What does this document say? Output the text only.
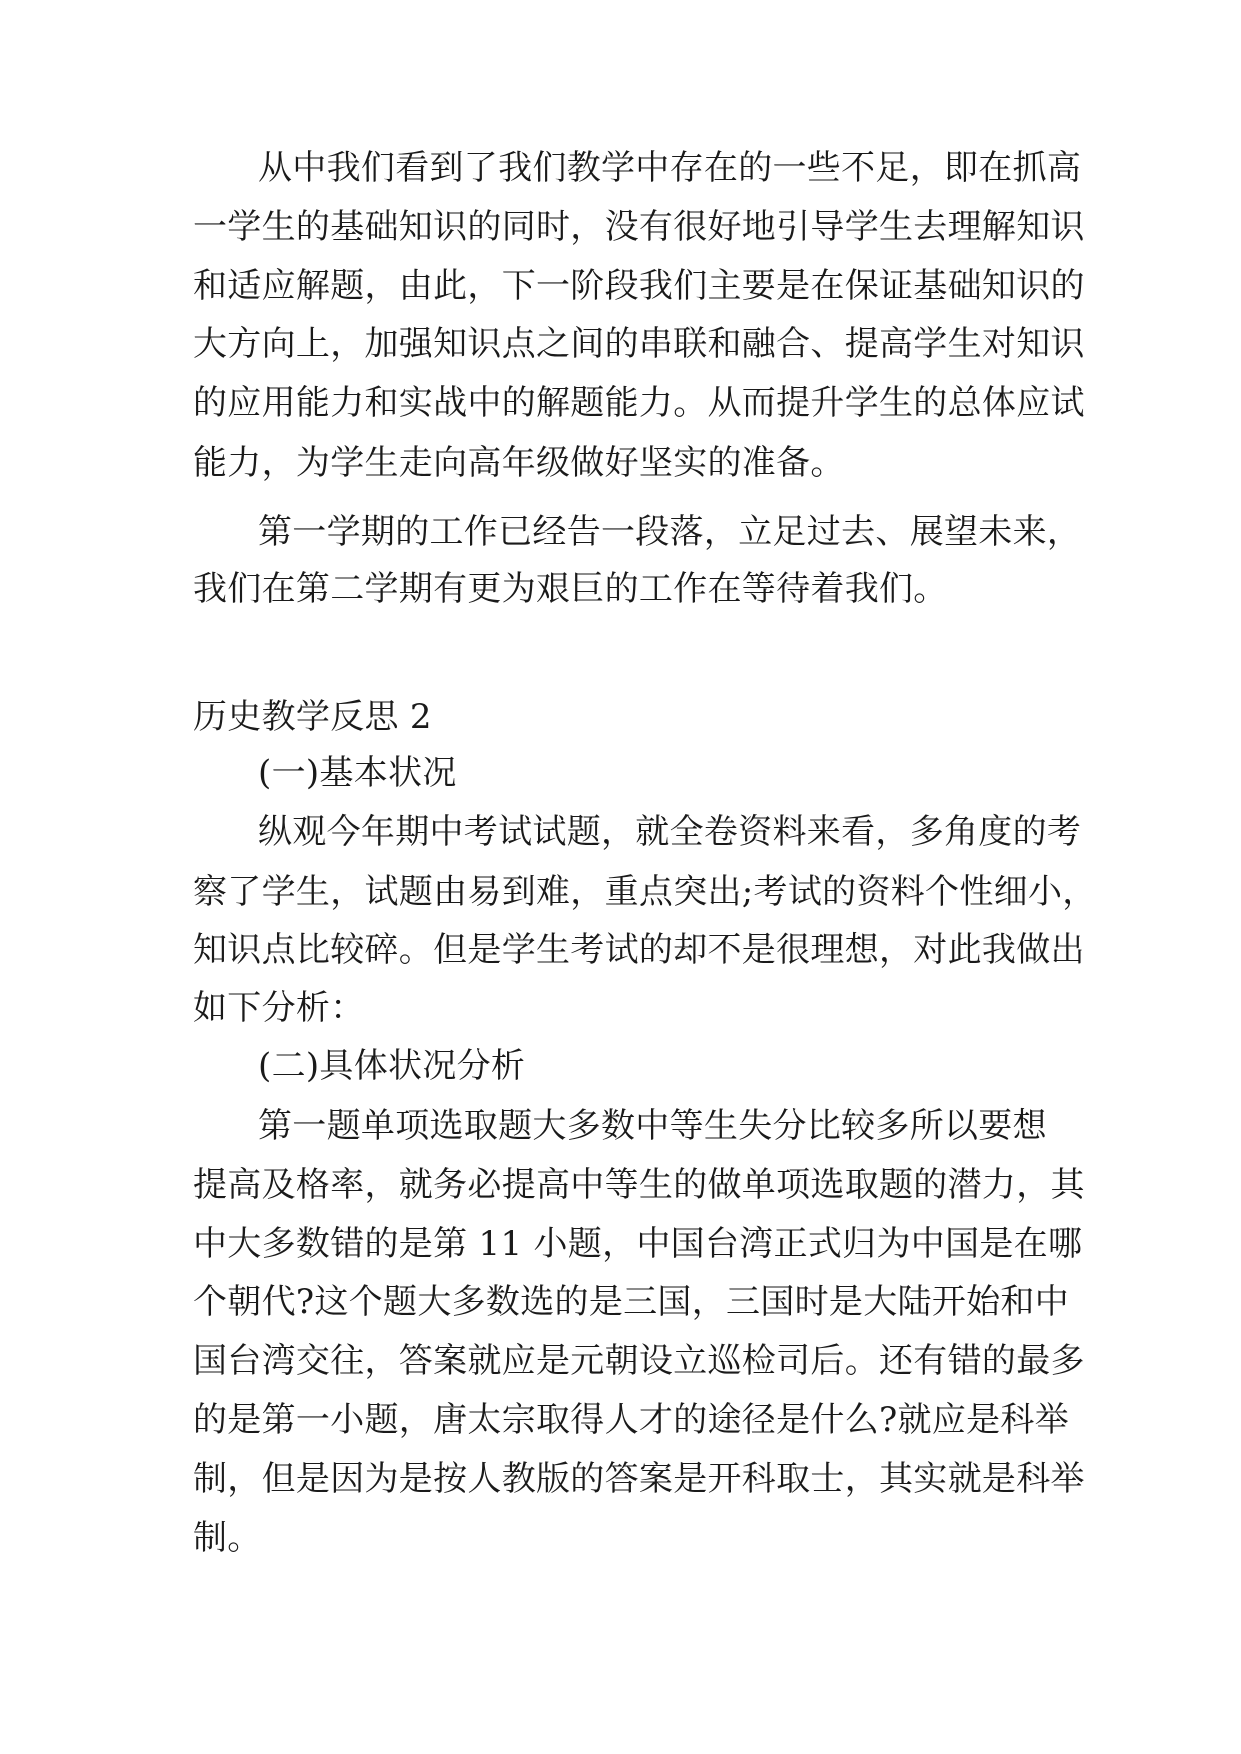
从中我们看到了我们教学中存在的一些不足，即在抓高
一学生的基础知识的同时，没有很好地引导学生去理解知识
和适应解题，由此，下一阶段我们主要是在保证基础知识的
大方向上，加强知识点之间的串联和融合、提高学生对知识
的应用能力和实战中的解题能力。从而提升学生的总体应试
能力，为学生走向高年级做好坚实的准备。
第一学期的工作已经告一段落，立足过去、展望未来，
我们在第二学期有更为艰巨的工作在等待着我们。
历史教学反思 2
(一)基本状况
纵观今年期中考试试题，就全卷资料来看，多角度的考
察了学生，试题由易到难，重点突出;考试的资料个性细小，
知识点比较碎。但是学生考试的却不是很理想，对此我做出
如下分析：
(二)具体状况分析
第一题单项选取题大多数中等生失分比较多所以要想
提高及格率，就务必提高中等生的做单项选取题的潜力，其
中大多数错的是第 11 小题，中国台湾正式归为中国是在哪
个朝代?这个题大多数选的是三国，三国时是大陆开始和中
国台湾交往，答案就应是元朝设立巡检司后。还有错的最多
的是第一小题，唐太宗取得人才的途径是什么?就应是科举
制，但是因为是按人教版的答案是开科取士，其实就是科举
制。
